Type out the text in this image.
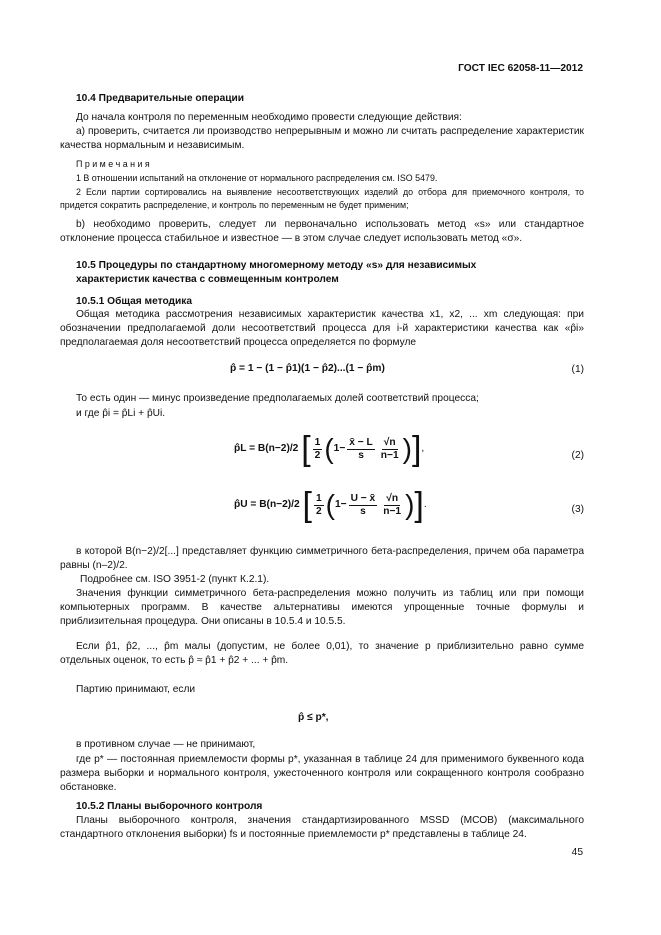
ГОСТ IEC 62058-11—2012
10.4 Предварительные операции
До начала контроля по переменным необходимо провести следующие действия:
а) проверить, считается ли производство непрерывным и можно ли считать распределение характеристик качества нормальным и независимым.
П р и м е ч а н и я
1 В отношении испытаний на отклонение от нормального распределения см. ISO 5479.
2 Если партии сортировались на выявление несоответствующих изделий до отбора для приемочного контроля, то придется сократить распределение, и контроль по переменным не будет применим;
b) необходимо проверить, следует ли первоначально использовать метод «s» или стандартное отклонение процесса стабильное и известное — в этом случае следует использовать метод «σ».
10.5 Процедуры по стандартному многомерному методу «s» для независимых характеристик качества с совмещенным контролем
10.5.1 Общая методика
Общая методика рассмотрения независимых характеристик качества x1, x2, ... xm следующая: при обозначении предполагаемой доли несоответствий процесса для i-й характеристики качества как «p̂i» предполагаемая доля несоответствий процесса определяется по формуле
p̂ = 1 − (1 − p̂1)(1 − p̂2)...(1 − p̂m)	(1)
То есть один — минус произведение предполагаемых долей соответствий процесса;
и где p̂i = p̂Li + p̂Ui.
p̂L = B(n−2)/2
[ $\frac{1}{2}$ ( $1- \frac{x̄ - L}{s} \frac{√n}{n-1}$ ) ] ,
(2)
p̂U = B(n−2)/2
[ $\frac{1}{2}$ ( $1- \frac{U - x̄}{s} \frac{√n}{n-1}$ ) ] .	(3)
в которой B(n−2)/2[...] представляет функцию симметричного бета-распределения, причем оба параметра равны (n–2)/2.
Подробнее см. ISO 3951-2 (пункт К.2.1).
Значения функции симметричного бета-распределения можно получить из таблиц или при помощи компьютерных программ. В качестве альтернативы имеются упрощенные точные формулы и приблизительная процедура. Они описаны в 10.5.4 и 10.5.5.
Если p̂1, p̂2, ..., p̂m малы (допустим, не более 0,01), то значение p приблизительно равно сумме отдельных оценок, то есть p̂ ≈ p̂1 + p̂2 + ... + p̂m.
Партию принимают, если
p̂ ≤ p*,
в противном случае — не принимают,
где p* — постоянная приемлемости формы p*, указанная в таблице 24 для применимого буквенного кода размера выборки и нормального контроля, ужесточенного контроля или сокращенного контроля сообразно обстановке.
10.5.2 Планы выборочного контроля
Планы выборочного контроля, значения стандартизированного MSSD (МСОВ) (максимального стандартного отклонения выборки) fs и постоянные приемлемости p* представлены в таблице 24.
45
